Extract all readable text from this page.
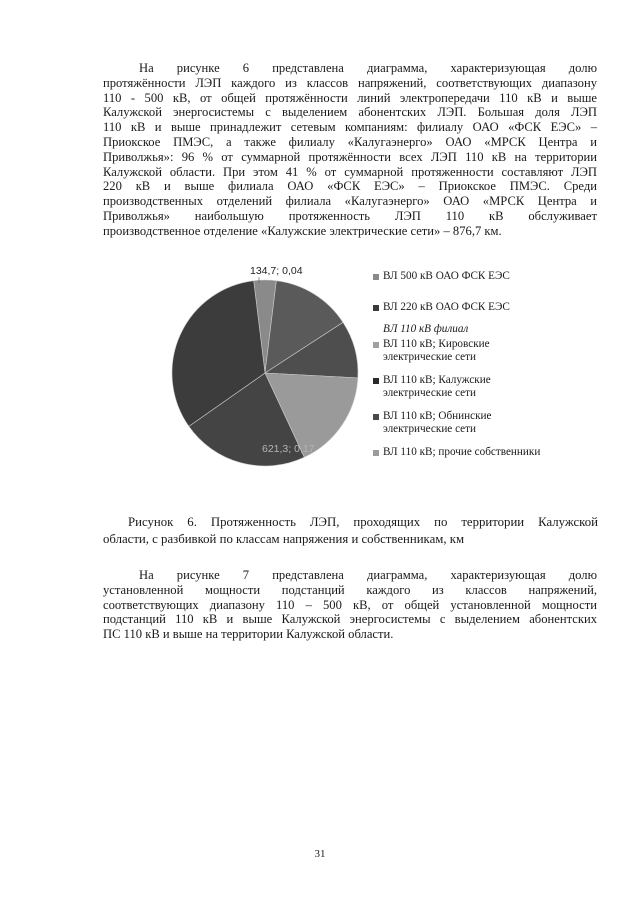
На рисунке 6 представлена диаграмма, характеризующая долю
протяжённости ЛЭП каждого из классов напряжений, соответствующих диапазону
110 - 500 кВ, от общей протяжённости линий электропередачи 110 кВ и выше
Калужской энергосистемы с выделением абонентских ЛЭП. Большая доля ЛЭП
110 кВ и выше принадлежит сетевым компаниям: филиалу ОАО «ФСК ЕЭС» –
Приокское ПМЭС, а также филиалу «Калугаэнерго» ОАО «МРСК Центра и
Приволжья»: 96 % от суммарной протяжённости всех ЛЭП 110 кВ на территории
Калужской области. При этом 41 % от суммарной протяженности составляют ЛЭП
220 кВ и выше филиала ОАО «ФСК ЕЭС» – Приокское ПМЭС. Среди
производственных отделений филиала «Калугаэнерго» ОАО «МРСК Центра и
Приволжья» наибольшую протяженность ЛЭП 110 кВ обслуживает
производственное отделение «Калужские электрические сети» – 876,7 км.
134,7; 0,04
621,3; 0,17
ВЛ 500 кВ ОАО ФСК ЕЭС
ВЛ 220 кВ ОАО ФСК ЕЭС
ВЛ 110 кВ филиал
ВЛ 110 кВ; Кировские электрические сети
ВЛ 110 кВ; Калужские электрические сети
ВЛ 110 кВ; Обнинские электрические сети
ВЛ 110 кВ; прочие собственники
Рисунок 6. Протяженность ЛЭП, проходящих по территории Калужской
области, с разбивкой по классам напряжения и собственникам, км
На рисунке 7 представлена диаграмма, характеризующая долю
установленной мощности подстанций каждого из классов напряжений,
соответствующих диапазону 110 – 500 кВ, от общей установленной мощности
подстанций 110 кВ и выше Калужской энергосистемы с выделением абонентских
ПС 110 кВ и выше на территории Калужской области.
31
